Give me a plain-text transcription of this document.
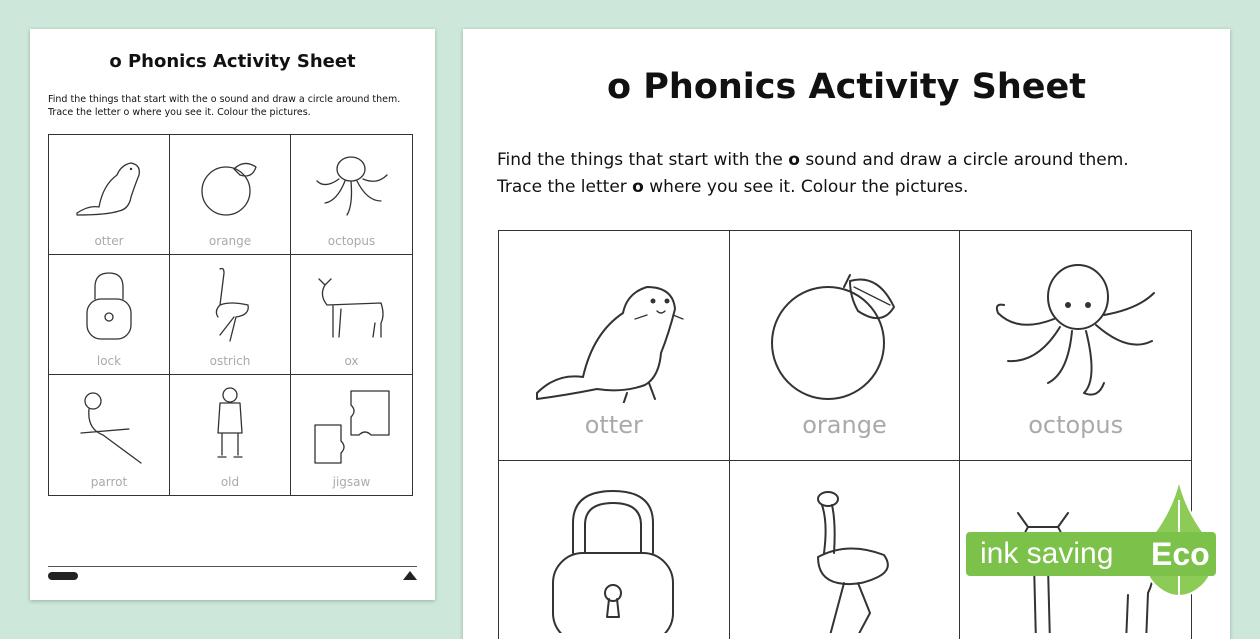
o Phonics Activity Sheet
Find the things that start with the o sound and draw a circle around them.
Trace the letter o where you see it. Colour the pictures.
otter	orange	octopus
lock	ostrich	ox
parrot	old	jigsaw
o Phonics Activity Sheet
Find the things that start with the o sound and draw a circle around them.
Trace the letter o where you see it. Colour the pictures.
otter	orange	octopus
ink saving Eco
